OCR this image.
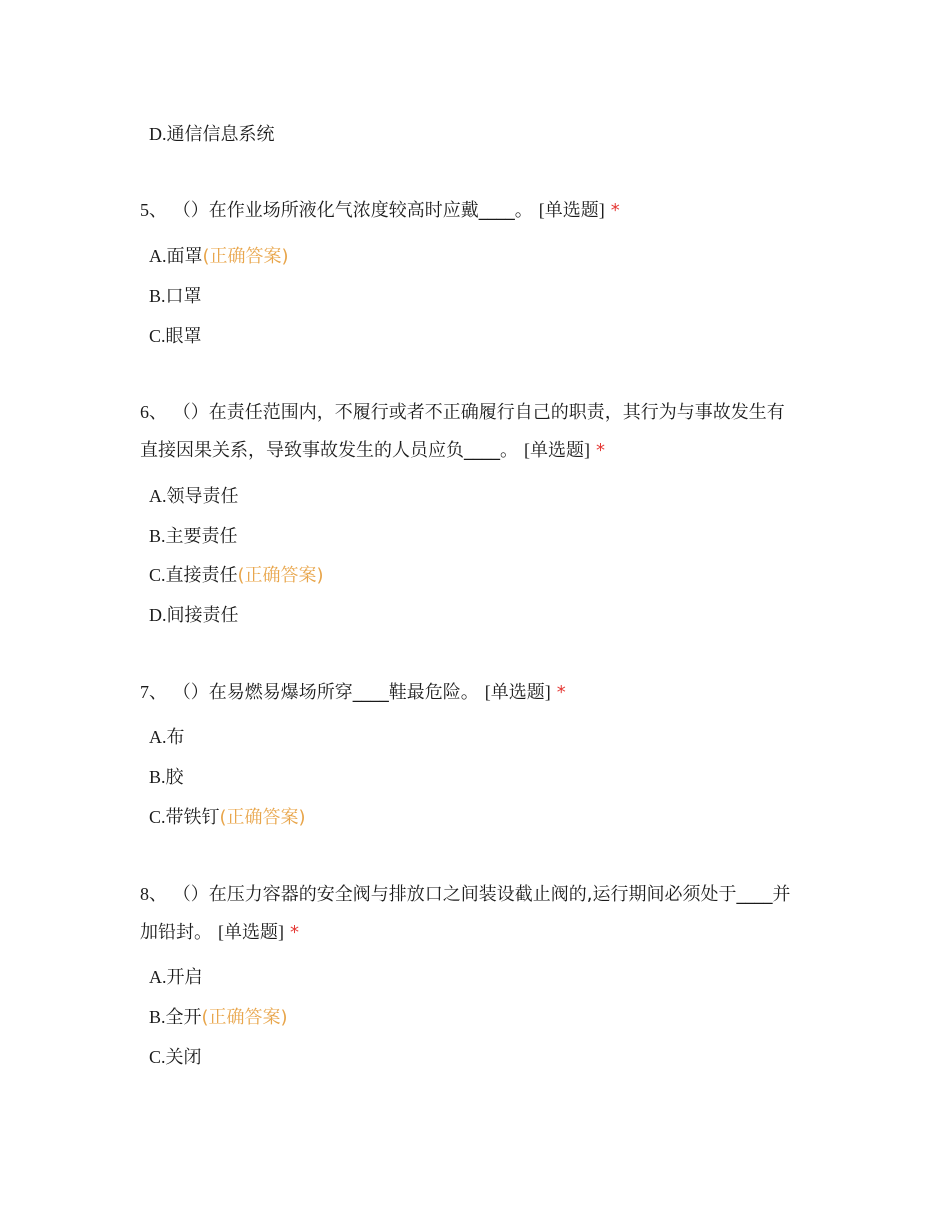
D.通信信息系统
5、 （）在作业场所液化气浓度较高时应戴____。 [单选题] *
A.面罩(正确答案)
B.口罩
C.眼罩
6、 （）在责任范围内，不履行或者不正确履行自己的职责，其行为与事故发生有
直接因果关系，导致事故发生的人员应负____。 [单选题] *
A.领导责任
B.主要责任
C.直接责任(正确答案)
D.间接责任
7、 （）在易燃易爆场所穿____鞋最危险。 [单选题] *
A.布
B.胶
C.带铁钉(正确答案)
8、 （）在压力容器的安全阀与排放口之间装设截止阀的,运行期间必须处于____并
加铅封。 [单选题] *
A.开启
B.全开(正确答案)
C.关闭
